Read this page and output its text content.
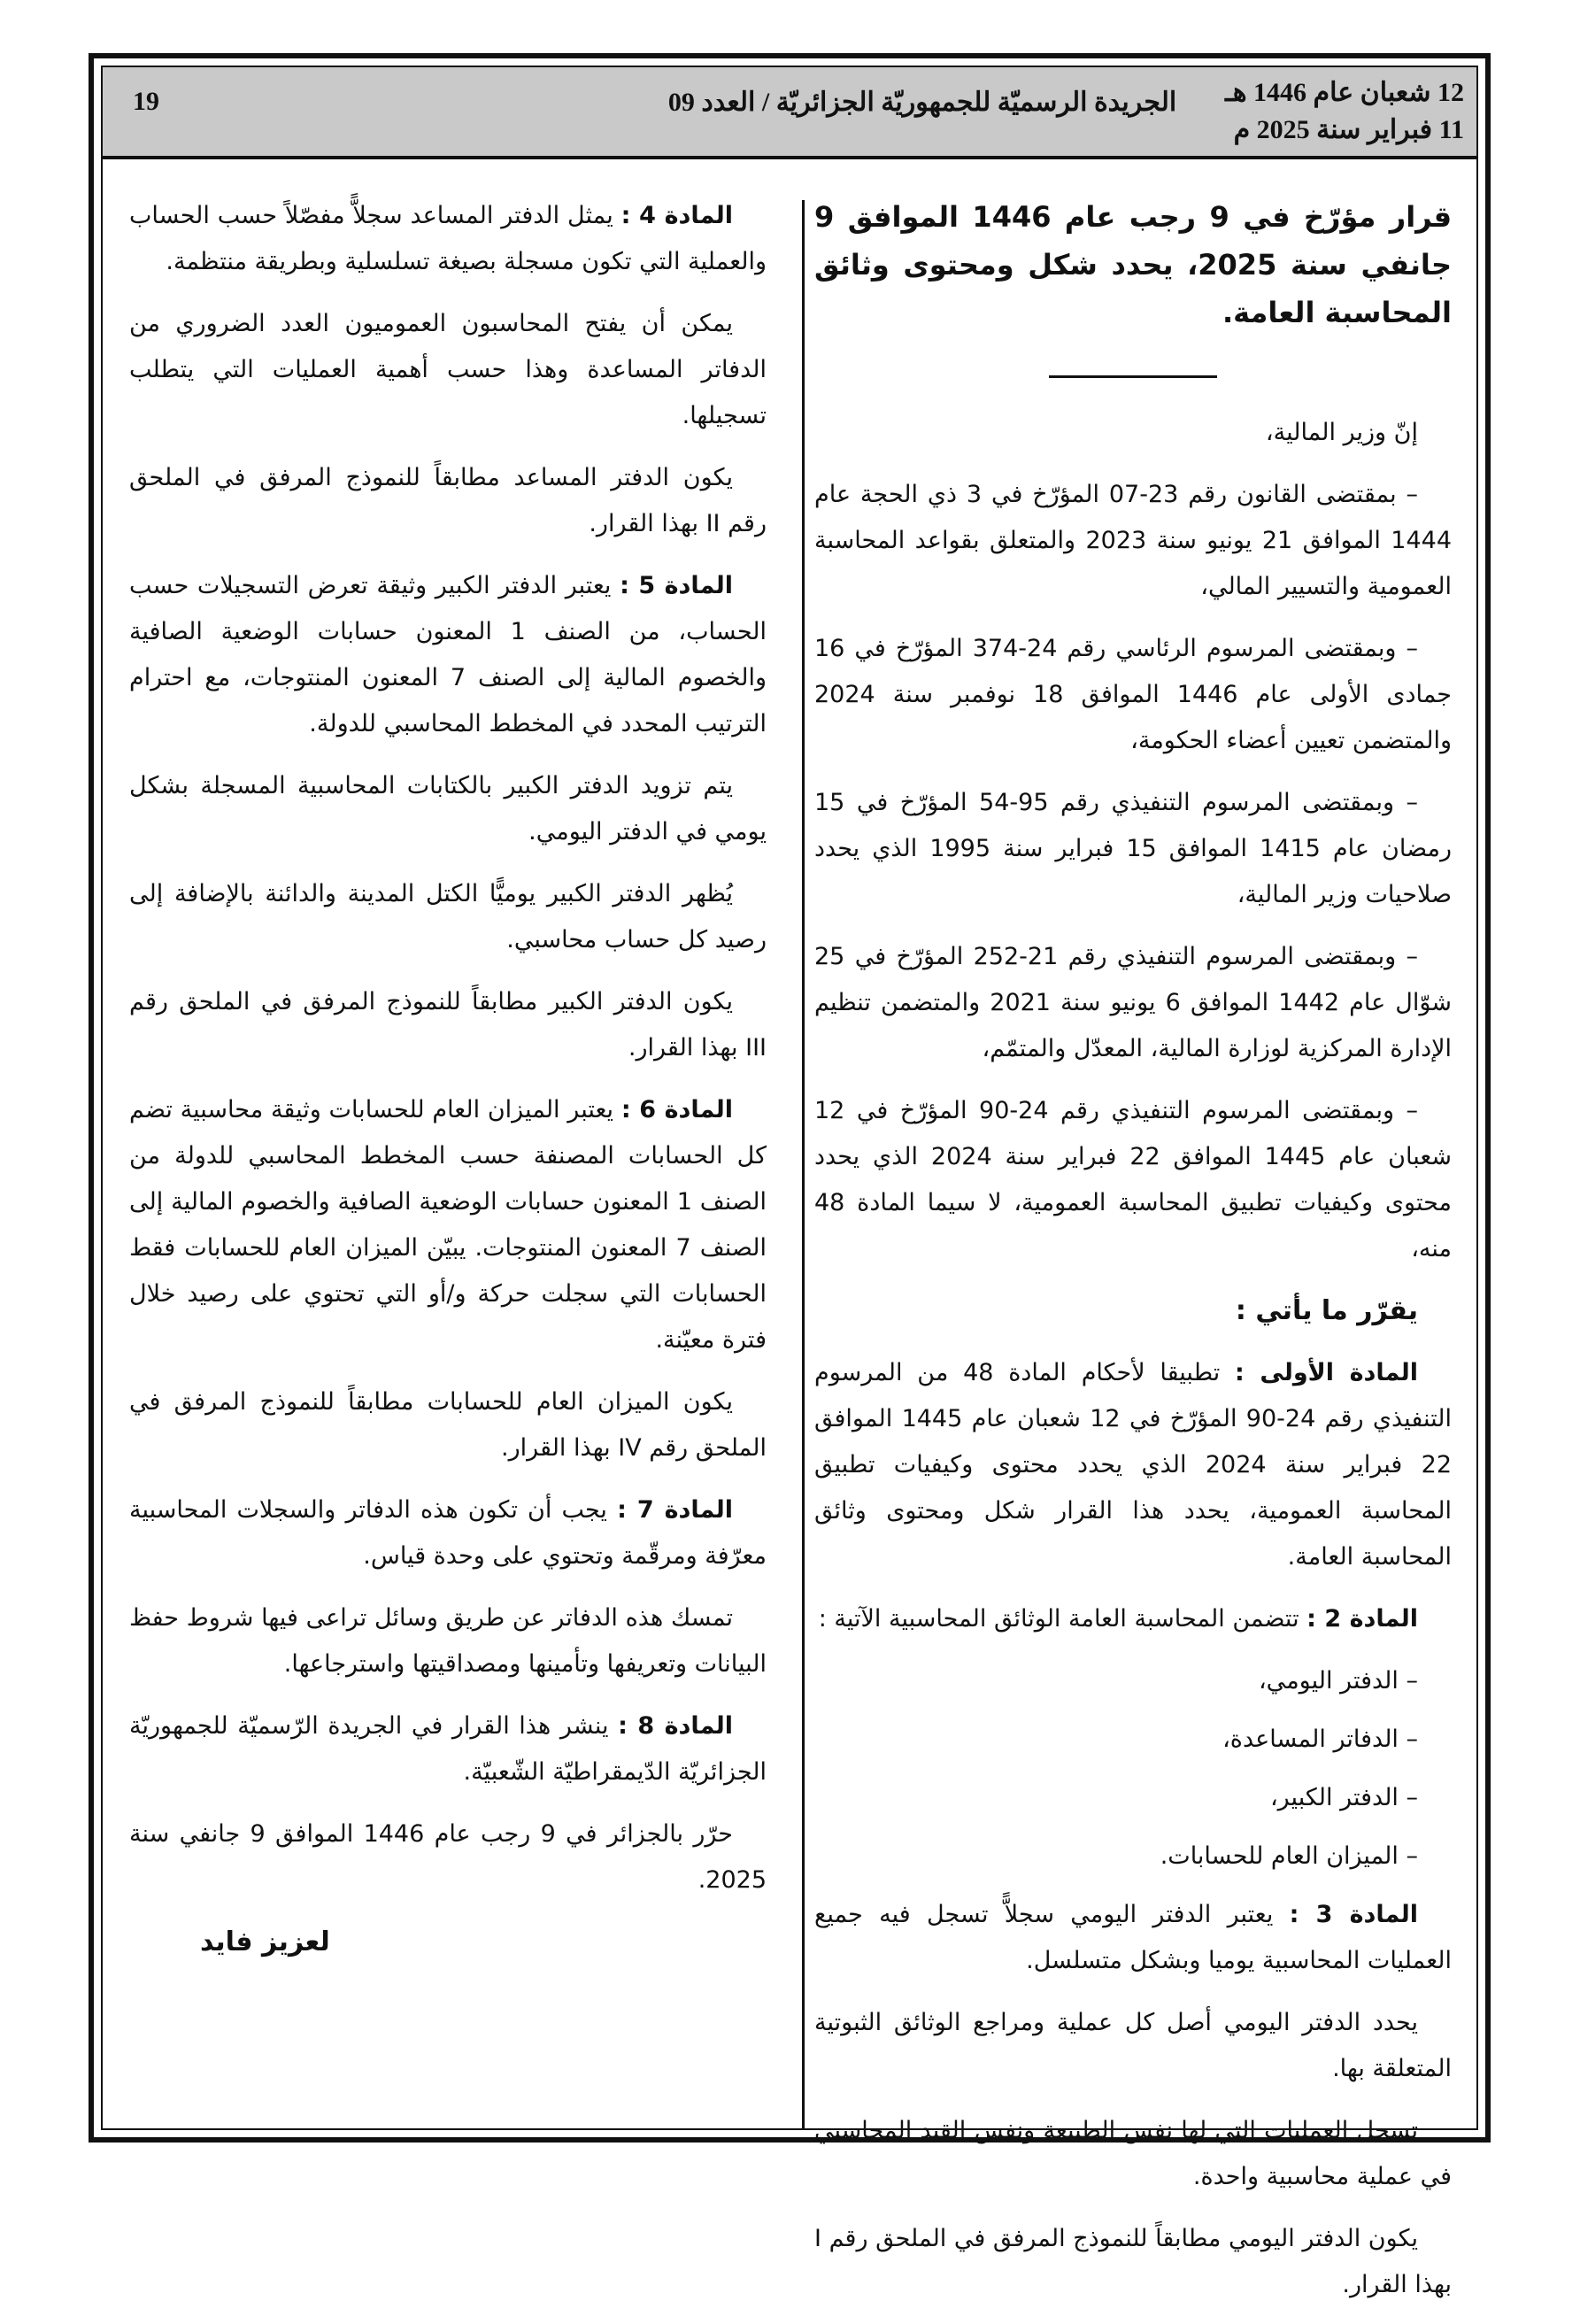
12 شعبان عام 1446 هـ
11 فبراير سنة 2025 م
الجريدة الرسميّة للجمهوريّة الجزائريّة / العدد 09
19

قرار مؤرّخ في 9 رجب عام 1446 الموافق 9 جانفي سنة 2025، يحدد شكل ومحتوى وثائق المحاسبة العامة.

إنّ وزير المالية،

– بمقتضى القانون رقم 23-07 المؤرّخ في 3 ذي الحجة عام 1444 الموافق 21 يونيو سنة 2023 والمتعلق بقواعد المحاسبة العمومية والتسيير المالي،

– وبمقتضى المرسوم الرئاسي رقم 24-374 المؤرّخ في 16 جمادى الأولى عام 1446 الموافق 18 نوفمبر سنة 2024 والمتضمن تعيين أعضاء الحكومة،

– وبمقتضى المرسوم التنفيذي رقم 95-54 المؤرّخ في 15 رمضان عام 1415 الموافق 15 فبراير سنة 1995 الذي يحدد صلاحيات وزير المالية،

– وبمقتضى المرسوم التنفيذي رقم 21-252 المؤرّخ في 25 شوّال عام 1442 الموافق 6 يونيو سنة 2021 والمتضمن تنظيم الإدارة المركزية لوزارة المالية، المعدّل والمتمّم،

– وبمقتضى المرسوم التنفيذي رقم 24-90 المؤرّخ في 12 شعبان عام 1445 الموافق 22 فبراير سنة 2024 الذي يحدد محتوى وكيفيات تطبيق المحاسبة العمومية، لا سيما المادة 48 منه،

يقرّر ما يأتي :

المادة الأولى : تطبيقا لأحكام المادة 48 من المرسوم التنفيذي رقم 24-90 المؤرّخ في 12 شعبان عام 1445 الموافق 22 فبراير سنة 2024 الذي يحدد محتوى وكيفيات تطبيق المحاسبة العمومية، يحدد هذا القرار شكل ومحتوى وثائق المحاسبة العامة.

المادة 2 : تتضمن المحاسبة العامة الوثائق المحاسبية الآتية :

– الدفتر اليومي،

– الدفاتر المساعدة،

– الدفتر الكبير،

– الميزان العام للحسابات.

المادة 3 : يعتبر الدفتر اليومي سجلاًّ تسجل فيه جميع العمليات المحاسبية يوميا وبشكل متسلسل.

يحدد الدفتر اليومي أصل كل عملية ومراجع الوثائق الثبوتية المتعلقة بها.

تسجل العمليات التي لها نفس الطبيعة ونفس القيد المحاسبي في عملية محاسبية واحدة.

يكون الدفتر اليومي مطابقاً للنموذج المرفق في الملحق رقم I بهذا القرار.

المادة 4 : يمثل الدفتر المساعد سجلاًّ مفصّلاً حسب الحساب والعملية التي تكون مسجلة بصيغة تسلسلية وبطريقة منتظمة.

يمكن أن يفتح المحاسبون العموميون العدد الضروري من الدفاتر المساعدة وهذا حسب أهمية العمليات التي يتطلب تسجيلها.

يكون الدفتر المساعد مطابقاً للنموذج المرفق في الملحق رقم II بهذا القرار.

المادة 5 : يعتبر الدفتر الكبير وثيقة تعرض التسجيلات حسب الحساب، من الصنف 1 المعنون حسابات الوضعية الصافية والخصوم المالية إلى الصنف 7 المعنون المنتوجات، مع احترام الترتيب المحدد في المخطط المحاسبي للدولة.

يتم تزويد الدفتر الكبير بالكتابات المحاسبية المسجلة بشكل يومي في الدفتر اليومي.

يُظهر الدفتر الكبير يوميًّا الكتل المدينة والدائنة بالإضافة إلى رصيد كل حساب محاسبي.

يكون الدفتر الكبير مطابقاً للنموذج المرفق في الملحق رقم III بهذا القرار.

المادة 6 : يعتبر الميزان العام للحسابات وثيقة محاسبية تضم كل الحسابات المصنفة حسب المخطط المحاسبي للدولة من الصنف 1 المعنون حسابات الوضعية الصافية والخصوم المالية إلى الصنف 7 المعنون المنتوجات. يبيّن الميزان العام للحسابات فقط الحسابات التي سجلت حركة و/أو التي تحتوي على رصيد خلال فترة معيّنة.

يكون الميزان العام للحسابات مطابقاً للنموذج المرفق في الملحق رقم IV بهذا القرار.

المادة 7 : يجب أن تكون هذه الدفاتر والسجلات المحاسبية معرّفة ومرقّمة وتحتوي على وحدة قياس.

تمسك هذه الدفاتر عن طريق وسائل تراعى فيها شروط حفظ البيانات وتعريفها وتأمينها ومصداقيتها واسترجاعها.

المادة 8 : ينشر هذا القرار في الجريدة الرّسميّة للجمهوريّة الجزائريّة الدّيمقراطيّة الشّعبيّة.

حرّر بالجزائر في 9 رجب عام 1446 الموافق 9 جانفي سنة 2025.

لعزيز فايد
